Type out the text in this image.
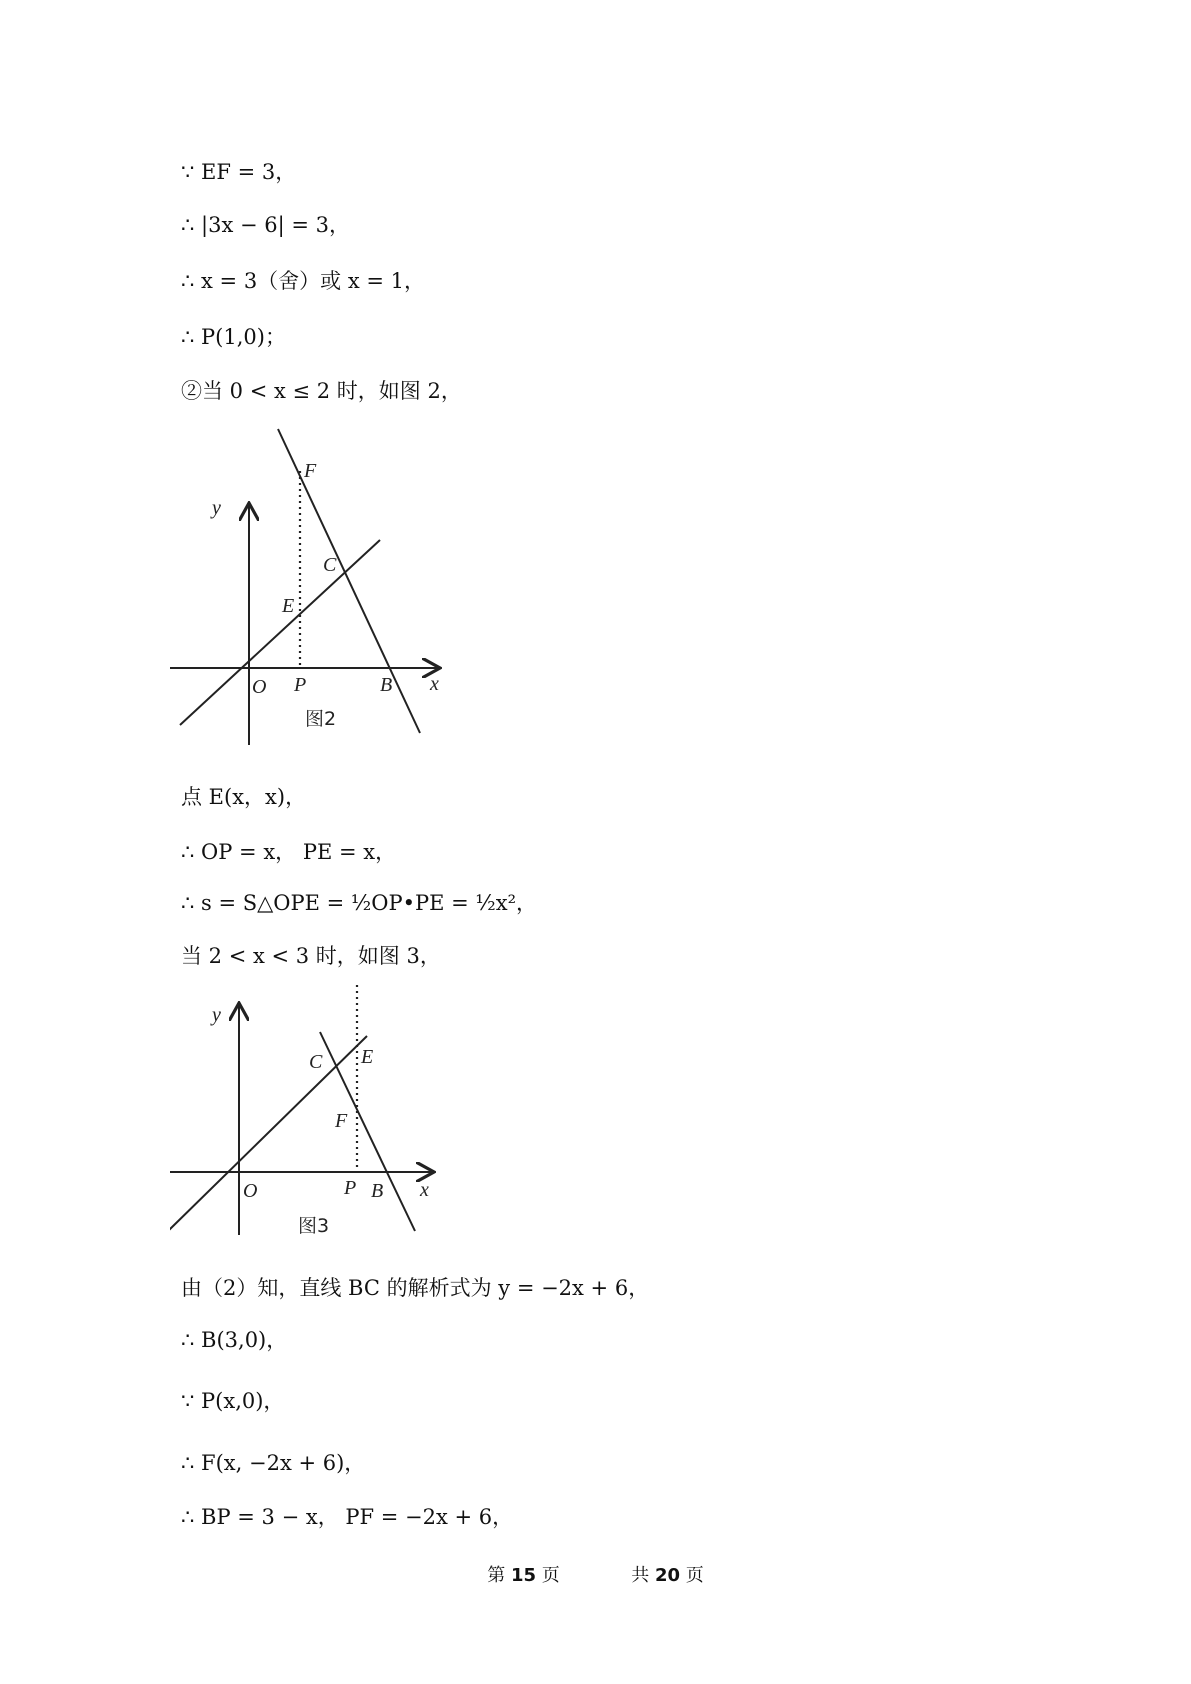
∵ EF = 3，
∴ |3x − 6| = 3，
∴ x = 3（舍）或 x = 1，
∴ P(1,0)；
②当 0 < x ≤ 2 时，如图 2，
y
x
O P	B
C
E
F
图2
点 E(x，x)，
∴ OP = x， PE = x，
∴ s = S△OPE = ½OP•PE = ½x²，
当 2 < x < 3 时，如图 3，
y
x
O	P B
C E
F
图3
由（2）知，直线 BC 的解析式为 y = −2x + 6，
∴ B(3,0)，
∵ P(x,0)，
∴ F(x, −2x + 6)，
∴ BP = 3 − x， PF = −2x + 6，
第 15 页	共 20 页
